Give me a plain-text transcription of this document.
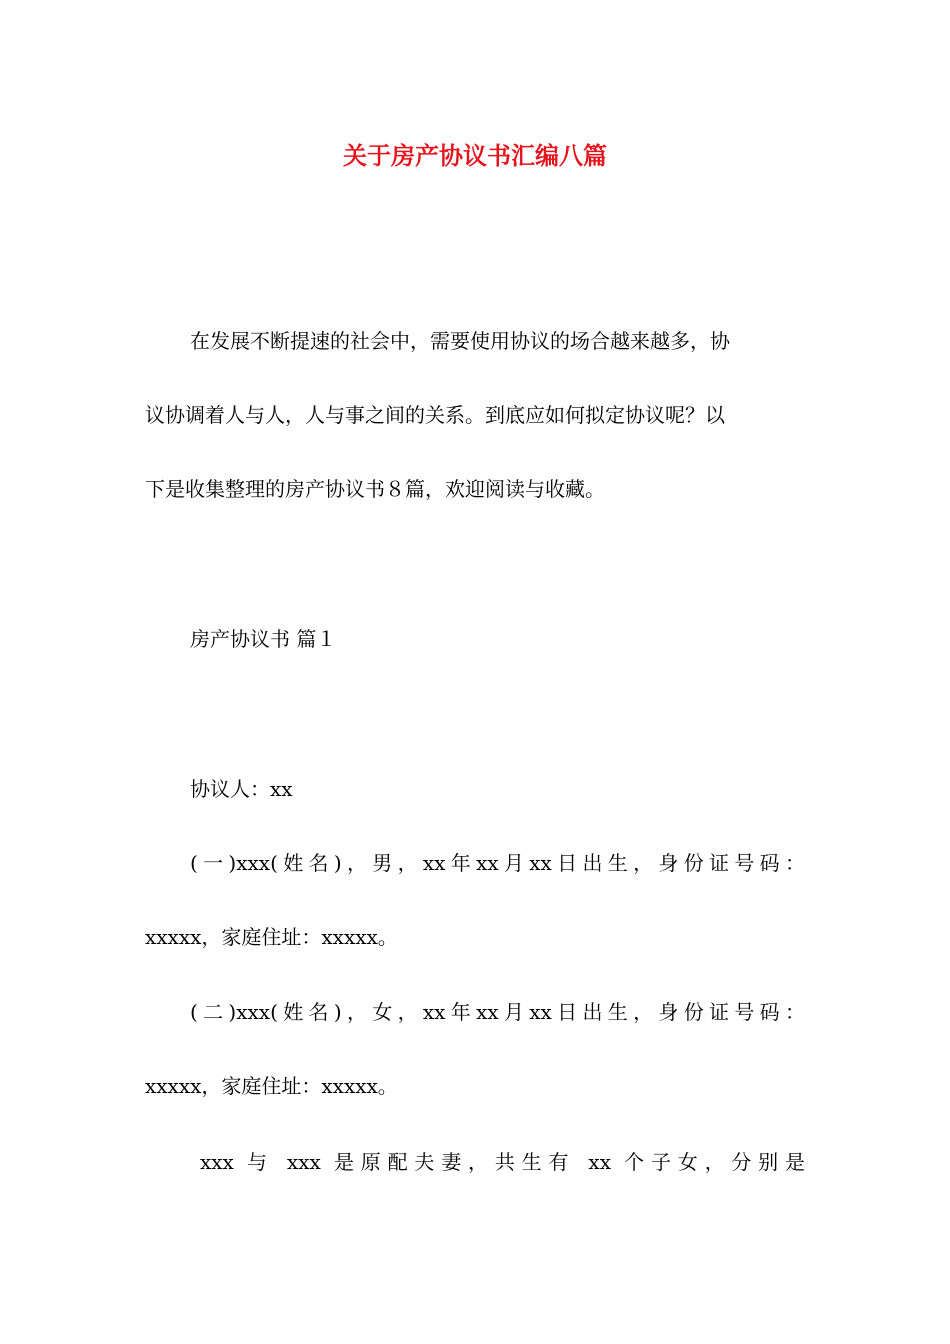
关于房产协议书汇编八篇
在发展不断提速的社会中，需要使用协议的场合越来越多，协
议协调着人与人，人与事之间的关系。到底应如何拟定协议呢？以
下是收集整理的房产协议书８篇，欢迎阅读与收藏。
房产协议书 篇１
协议人：xx
(一)xxx(姓名)，男，xx年xx月xx日出生，身份证号码：
xxxxx，家庭住址：xxxxx。
(二)xxx(姓名)，女，xx年xx月xx日出生，身份证号码：
xxxxx，家庭住址：xxxxx。
xxx 与 xxx 是原配夫妻，共生有 xx 个子女，分别是
